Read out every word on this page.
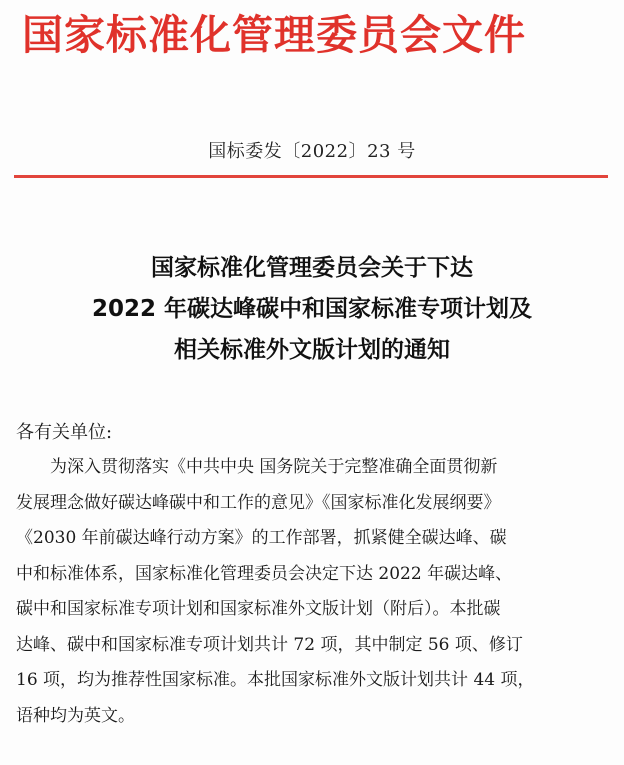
国家标准化管理委员会文件
国标委发〔2022〕23 号
国家标准化管理委员会关于下达
2022 年碳达峰碳中和国家标准专项计划及
相关标准外文版计划的通知
各有关单位:
为深入贯彻落实《中共中央 国务院关于完整准确全面贯彻新
发展理念做好碳达峰碳中和工作的意见》《国家标准化发展纲要》
《2030 年前碳达峰行动方案》的工作部署，抓紧健全碳达峰、碳
中和标准体系，国家标准化管理委员会决定下达 2022 年碳达峰、
碳中和国家标准专项计划和国家标准外文版计划（附后）。本批碳
达峰、碳中和国家标准专项计划共计 72 项，其中制定 56 项、修订
16 项，均为推荐性国家标准。本批国家标准外文版计划共计 44 项，
语种均为英文。
